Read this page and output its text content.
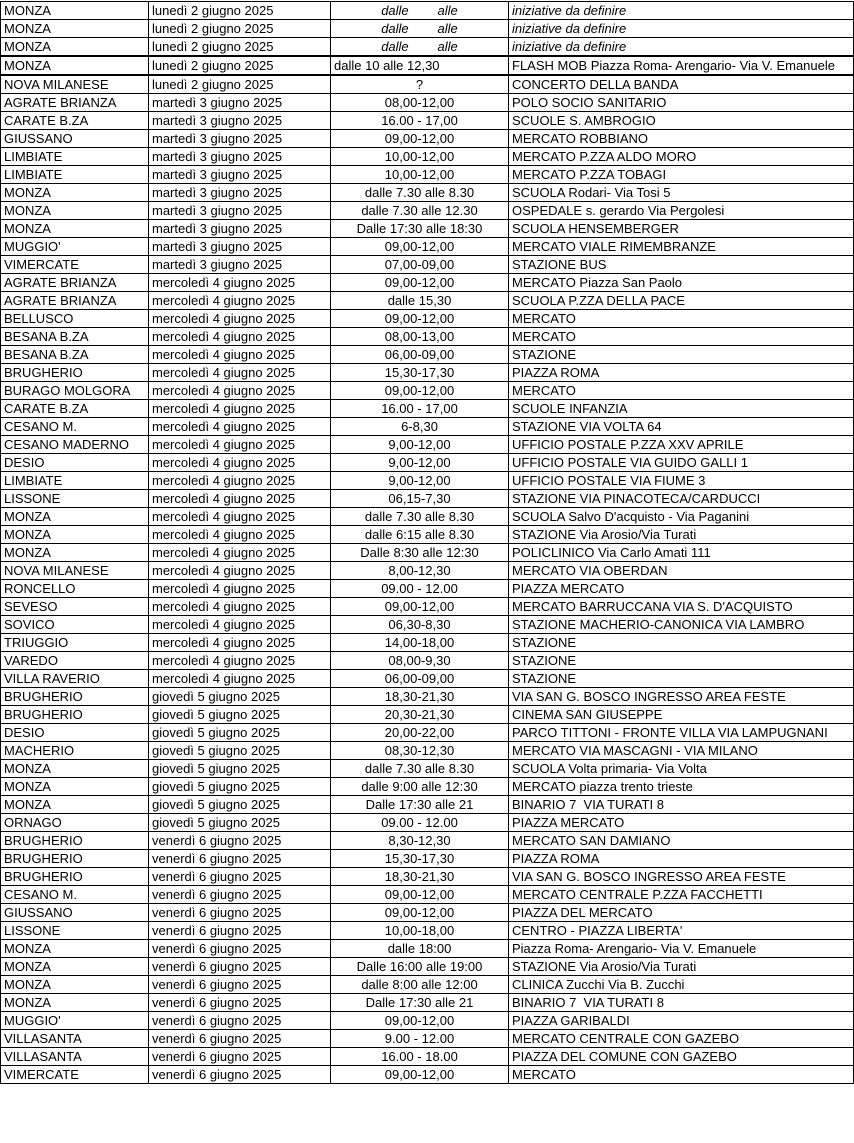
MONZA	lunedì 2 giugno 2025	dalle        alle	iniziative da definire
MONZA	lunedì 2 giugno 2025	dalle        alle	iniziative da definire
MONZA	lunedì 2 giugno 2025	dalle        alle	iniziative da definire
MONZA	lunedì 2 giugno 2025	dalle 10 alle 12,30	FLASH MOB Piazza Roma- Arengario- Via V. Emanuele
NOVA MILANESE	lunedì 2 giugno 2025	?	CONCERTO DELLA BANDA
AGRATE BRIANZA	martedì 3 giugno 2025	08,00-12,00	POLO SOCIO SANITARIO
CARATE B.ZA	martedì 3 giugno 2025	16.00 - 17,00	SCUOLE S. AMBROGIO
GIUSSANO	martedì 3 giugno 2025	09,00-12,00	MERCATO ROBBIANO
LIMBIATE	martedì 3 giugno 2025	10,00-12,00	MERCATO P.ZZA ALDO MORO
LIMBIATE	martedì 3 giugno 2025	10,00-12,00	MERCATO P.ZZA TOBAGI
MONZA	martedì 3 giugno 2025	dalle 7.30 alle 8.30	SCUOLA Rodari- Via Tosi 5
MONZA	martedì 3 giugno 2025	dalle 7.30 alle 12.30	OSPEDALE s. gerardo Via Pergolesi
MONZA	martedì 3 giugno 2025	Dalle 17:30 alle 18:30	SCUOLA HENSEMBERGER
MUGGIO'	martedì 3 giugno 2025	09,00-12,00	MERCATO VIALE RIMEMBRANZE
VIMERCATE	martedì 3 giugno 2025	07,00-09,00	STAZIONE BUS
AGRATE BRIANZA	mercoledì 4 giugno 2025	09,00-12,00	MERCATO Piazza San Paolo
AGRATE BRIANZA	mercoledì 4 giugno 2025	dalle 15,30	SCUOLA P.ZZA DELLA PACE
BELLUSCO	mercoledì 4 giugno 2025	09,00-12,00	MERCATO
BESANA B.ZA	mercoledì 4 giugno 2025	08,00-13,00	MERCATO
BESANA B.ZA	mercoledì 4 giugno 2025	06,00-09,00	STAZIONE
BRUGHERIO	mercoledì 4 giugno 2025	15,30-17,30	PIAZZA ROMA
BURAGO MOLGORA	mercoledì 4 giugno 2025	09,00-12,00	MERCATO
CARATE B.ZA	mercoledì 4 giugno 2025	16.00 - 17,00	SCUOLE INFANZIA
CESANO M.	mercoledì 4 giugno 2025	6-8,30	STAZIONE VIA VOLTA 64
CESANO MADERNO	mercoledì 4 giugno 2025	9,00-12,00	UFFICIO POSTALE P.ZZA XXV APRILE
DESIO	mercoledì 4 giugno 2025	9,00-12,00	UFFICIO POSTALE VIA GUIDO GALLI 1
LIMBIATE	mercoledì 4 giugno 2025	9,00-12,00	UFFICIO POSTALE VIA FIUME 3
LISSONE	mercoledì 4 giugno 2025	06,15-7,30	STAZIONE VIA PINACOTECA/CARDUCCI
MONZA	mercoledì 4 giugno 2025	dalle 7.30 alle 8.30	SCUOLA Salvo D'acquisto - Via Paganini
MONZA	mercoledì 4 giugno 2025	dalle 6:15 alle 8.30	STAZIONE Via Arosio/Via Turati
MONZA	mercoledì 4 giugno 2025	Dalle 8:30 alle 12:30	POLICLINICO Via Carlo Amati 111
NOVA MILANESE	mercoledì 4 giugno 2025	8,00-12,30	MERCATO VIA OBERDAN
RONCELLO	mercoledì 4 giugno 2025	09.00 - 12.00	PIAZZA MERCATO
SEVESO	mercoledì 4 giugno 2025	09,00-12,00	MERCATO BARRUCCANA VIA S. D'ACQUISTO
SOVICO	mercoledì 4 giugno 2025	06,30-8,30	STAZIONE MACHERIO-CANONICA VIA LAMBRO
TRIUGGIO	mercoledì 4 giugno 2025	14,00-18,00	STAZIONE
VAREDO	mercoledì 4 giugno 2025	08,00-9,30	STAZIONE
VILLA RAVERIO	mercoledì 4 giugno 2025	06,00-09,00	STAZIONE
BRUGHERIO	giovedì 5 giugno 2025	18,30-21,30	VIA SAN G. BOSCO INGRESSO AREA FESTE
BRUGHERIO	giovedì 5 giugno 2025	20,30-21,30	CINEMA SAN GIUSEPPE
DESIO	giovedì 5 giugno 2025	20,00-22,00	PARCO TITTONI - FRONTE VILLA VIA LAMPUGNANI
MACHERIO	giovedì 5 giugno 2025	08,30-12,30	MERCATO VIA MASCAGNI - VIA MILANO
MONZA	giovedì 5 giugno 2025	dalle 7.30 alle 8.30	SCUOLA Volta primaria- Via Volta
MONZA	giovedì 5 giugno 2025	dalle 9:00 alle 12:30	MERCATO piazza trento trieste
MONZA	giovedì 5 giugno 2025	Dalle 17:30 alle 21	BINARIO 7  VIA TURATI 8
ORNAGO	giovedì 5 giugno 2025	09.00 - 12.00	PIAZZA MERCATO
BRUGHERIO	venerdì 6 giugno 2025	8,30-12,30	MERCATO SAN DAMIANO
BRUGHERIO	venerdì 6 giugno 2025	15,30-17,30	PIAZZA ROMA
BRUGHERIO	venerdì 6 giugno 2025	18,30-21,30	VIA SAN G. BOSCO INGRESSO AREA FESTE
CESANO M.	venerdì 6 giugno 2025	09,00-12,00	MERCATO CENTRALE P.ZZA FACCHETTI
GIUSSANO	venerdì 6 giugno 2025	09,00-12,00	PIAZZA DEL MERCATO
LISSONE	venerdì 6 giugno 2025	10,00-18,00	CENTRO - PIAZZA LIBERTA'
MONZA	venerdì 6 giugno 2025	dalle 18:00	Piazza Roma- Arengario- Via V. Emanuele
MONZA	venerdì 6 giugno 2025	Dalle 16:00 alle 19:00	STAZIONE Via Arosio/Via Turati
MONZA	venerdì 6 giugno 2025	dalle 8:00 alle 12:00	CLINICA Zucchi Via B. Zucchi
MONZA	venerdì 6 giugno 2025	Dalle 17:30 alle 21	BINARIO 7  VIA TURATI 8
MUGGIO'	venerdì 6 giugno 2025	09,00-12,00	PIAZZA GARIBALDI
VILLASANTA	venerdì 6 giugno 2025	9.00 - 12.00	MERCATO CENTRALE CON GAZEBO
VILLASANTA	venerdì 6 giugno 2025	16.00 - 18.00	PIAZZA DEL COMUNE CON GAZEBO
VIMERCATE	venerdì 6 giugno 2025	09,00-12,00	MERCATO
